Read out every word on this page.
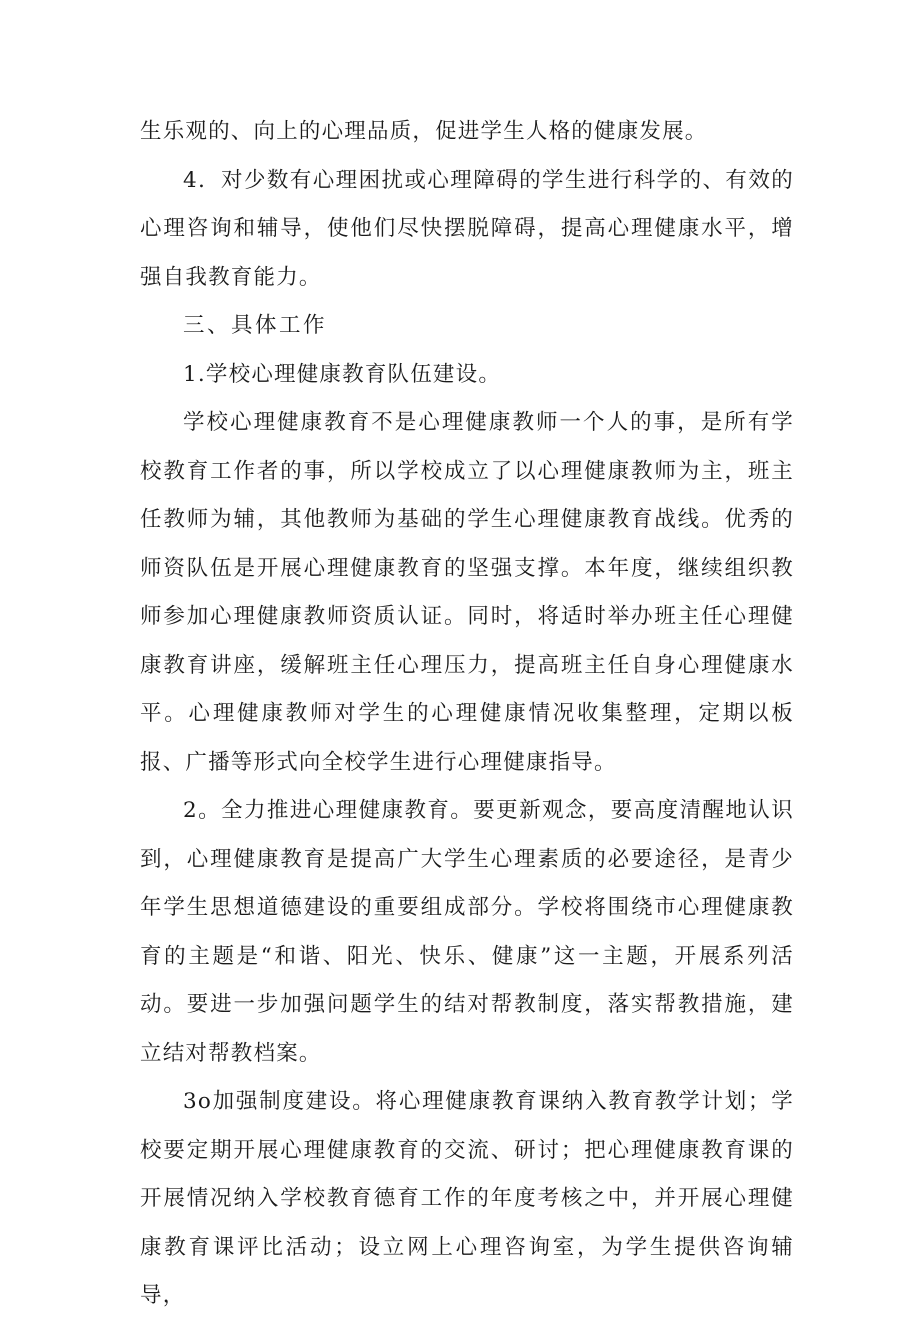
生乐观的、向上的心理品质，促进学生人格的健康发展。

4．对少数有心理困扰或心理障碍的学生进行科学的、有效的心理咨询和辅导，使他们尽快摆脱障碍，提高心理健康水平，增强自我教育能力。

三、具体工作

1.学校心理健康教育队伍建设。

学校心理健康教育不是心理健康教师一个人的事，是所有学校教育工作者的事，所以学校成立了以心理健康教师为主，班主任教师为辅，其他教师为基础的学生心理健康教育战线。优秀的师资队伍是开展心理健康教育的坚强支撑。本年度，继续组织教师参加心理健康教师资质认证。同时，将适时举办班主任心理健康教育讲座，缓解班主任心理压力，提高班主任自身心理健康水平。心理健康教师对学生的心理健康情况收集整理，定期以板报、广播等形式向全校学生进行心理健康指导。

2。全力推进心理健康教育。要更新观念，要高度清醒地认识到，心理健康教育是提高广大学生心理素质的必要途径，是青少年学生思想道德建设的重要组成部分。学校将围绕市心理健康教育的主题是“和谐、阳光、快乐、健康”这一主题，开展系列活动。要进一步加强问题学生的结对帮教制度，落实帮教措施，建立结对帮教档案。

3o加强制度建设。将心理健康教育课纳入教育教学计划；学校要定期开展心理健康教育的交流、研讨；把心理健康教育课的开展情况纳入学校教育德育工作的年度考核之中，并开展心理健康教育课评比活动；设立网上心理咨询室，为学生提供咨询辅导，
